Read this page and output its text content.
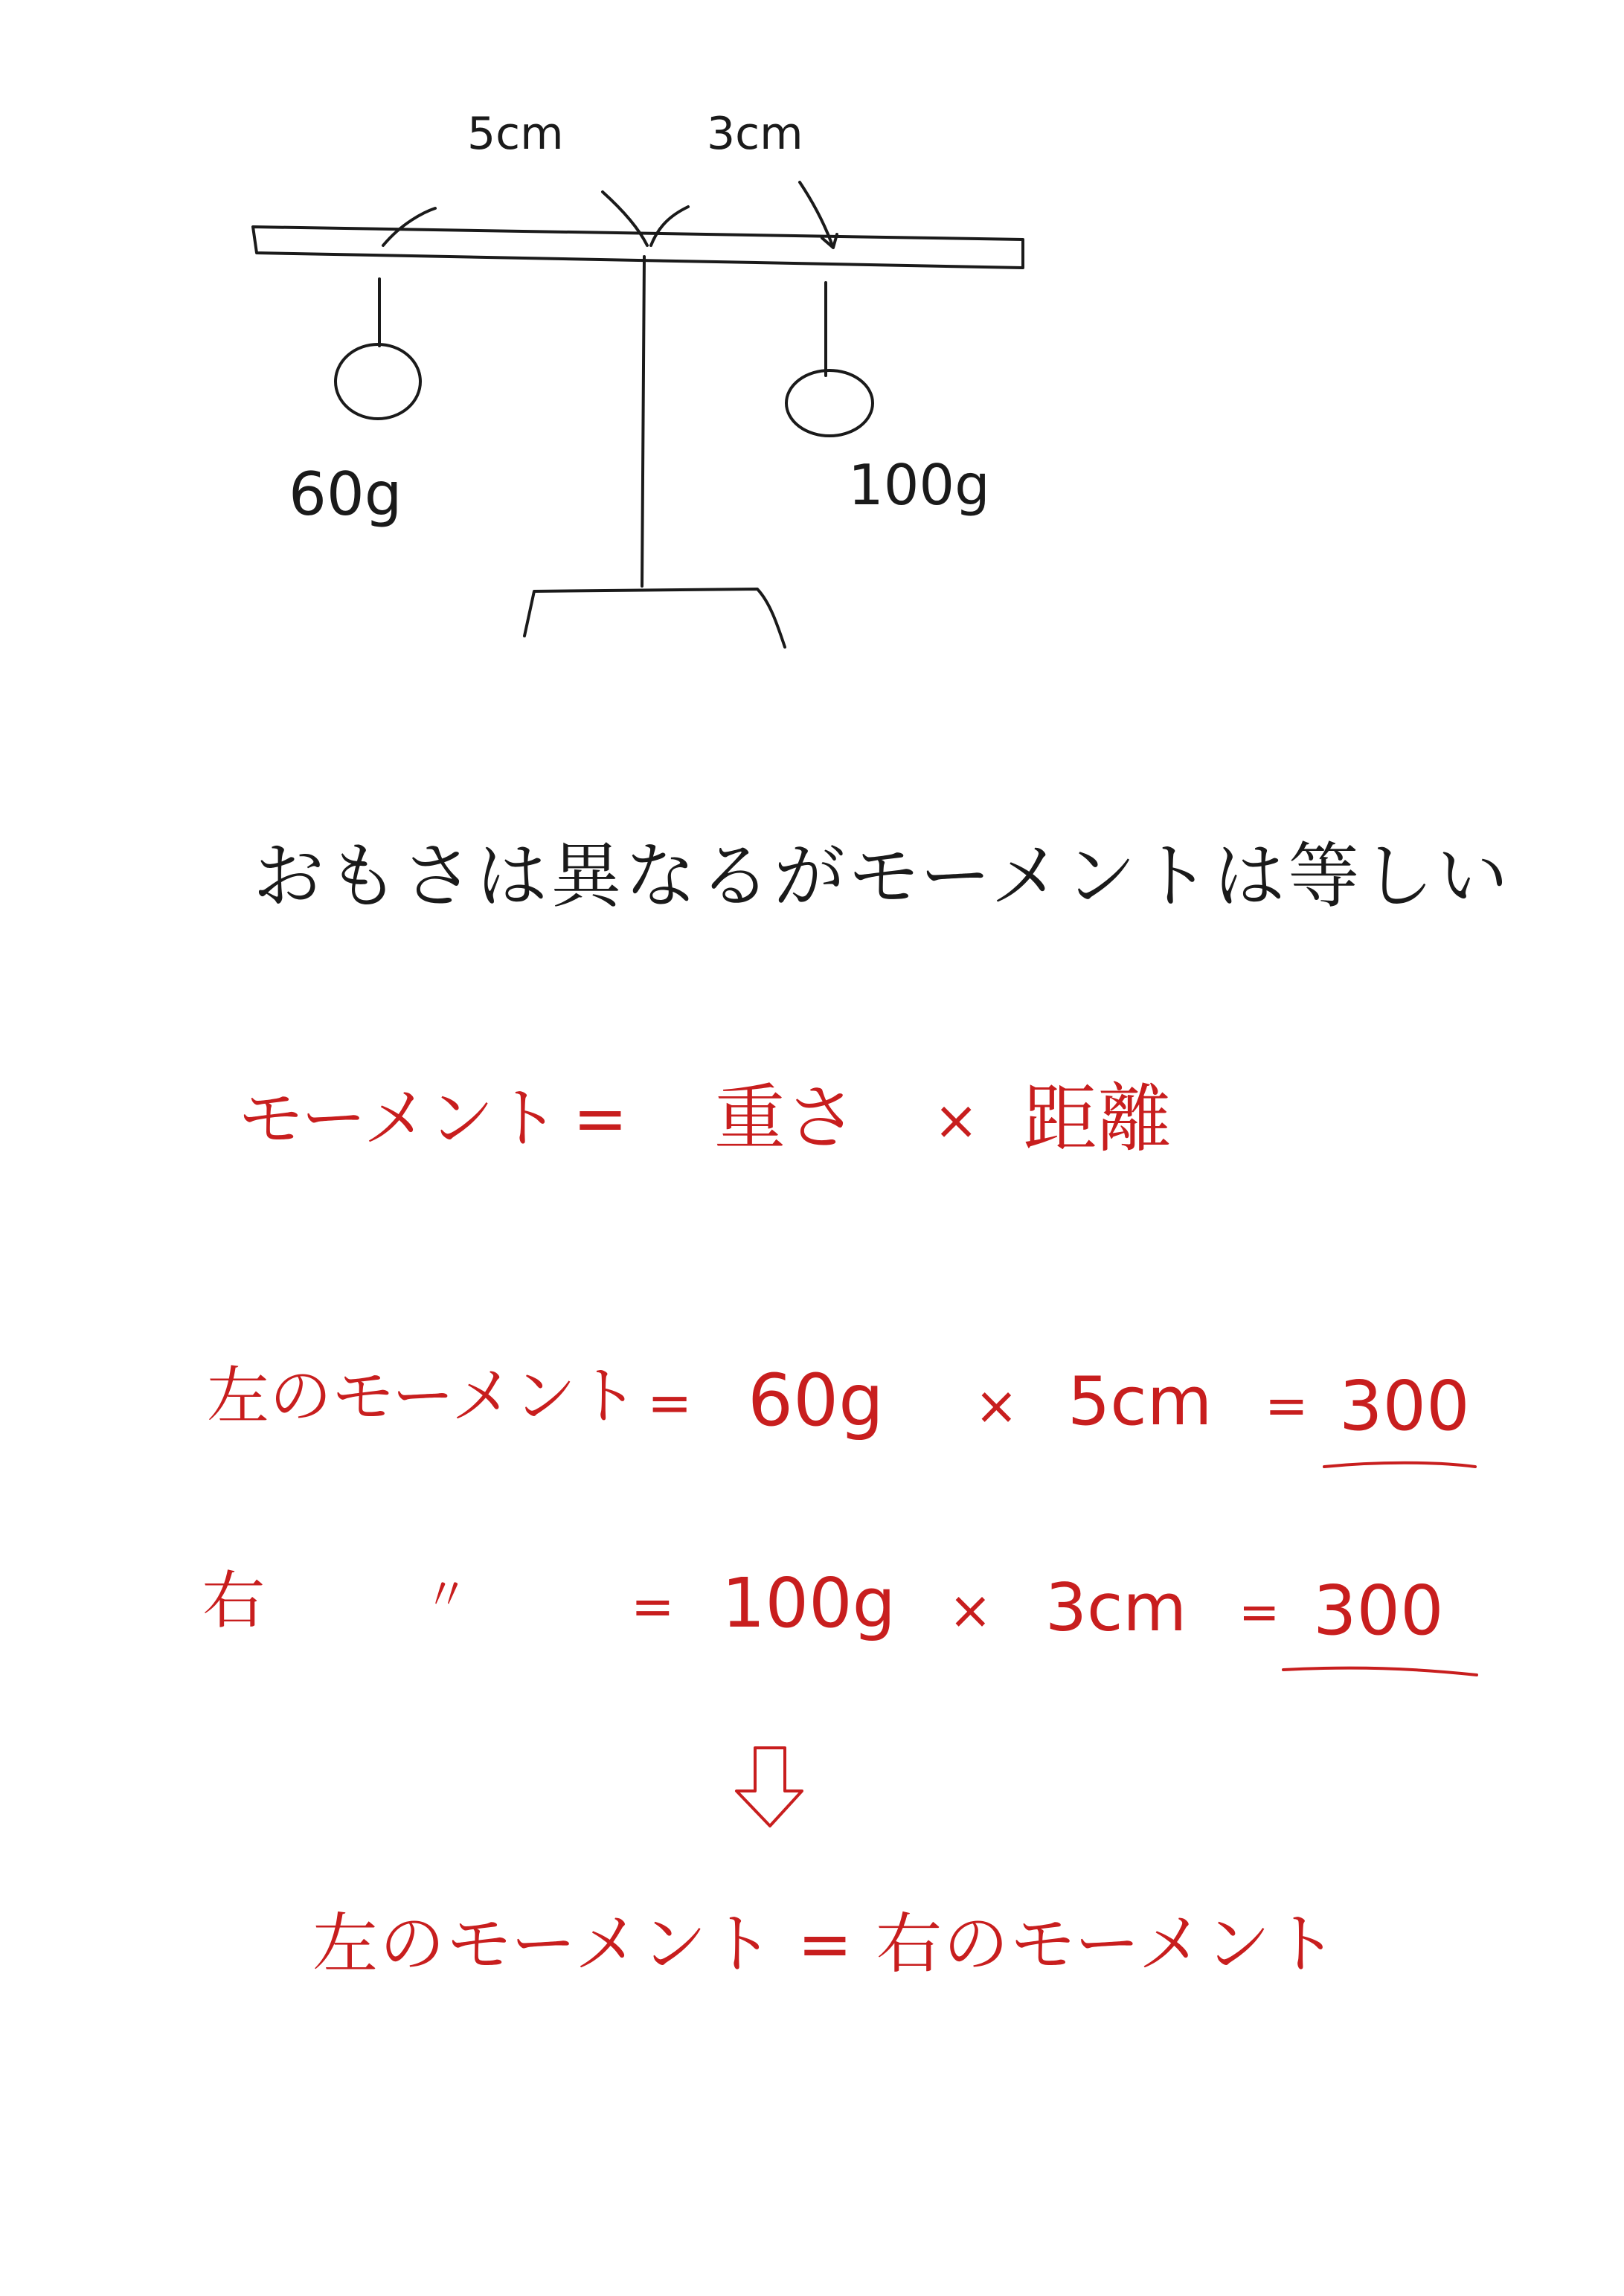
5cm	3cm
60g	100g
おもさは異なるがモーメントは等しい
モーメント = 重さ × 距離
左のモーメント = 60g × 5cm = 300
右	〃	= 100g × 3cm = 300
左のモーメント = 右のモーメント
